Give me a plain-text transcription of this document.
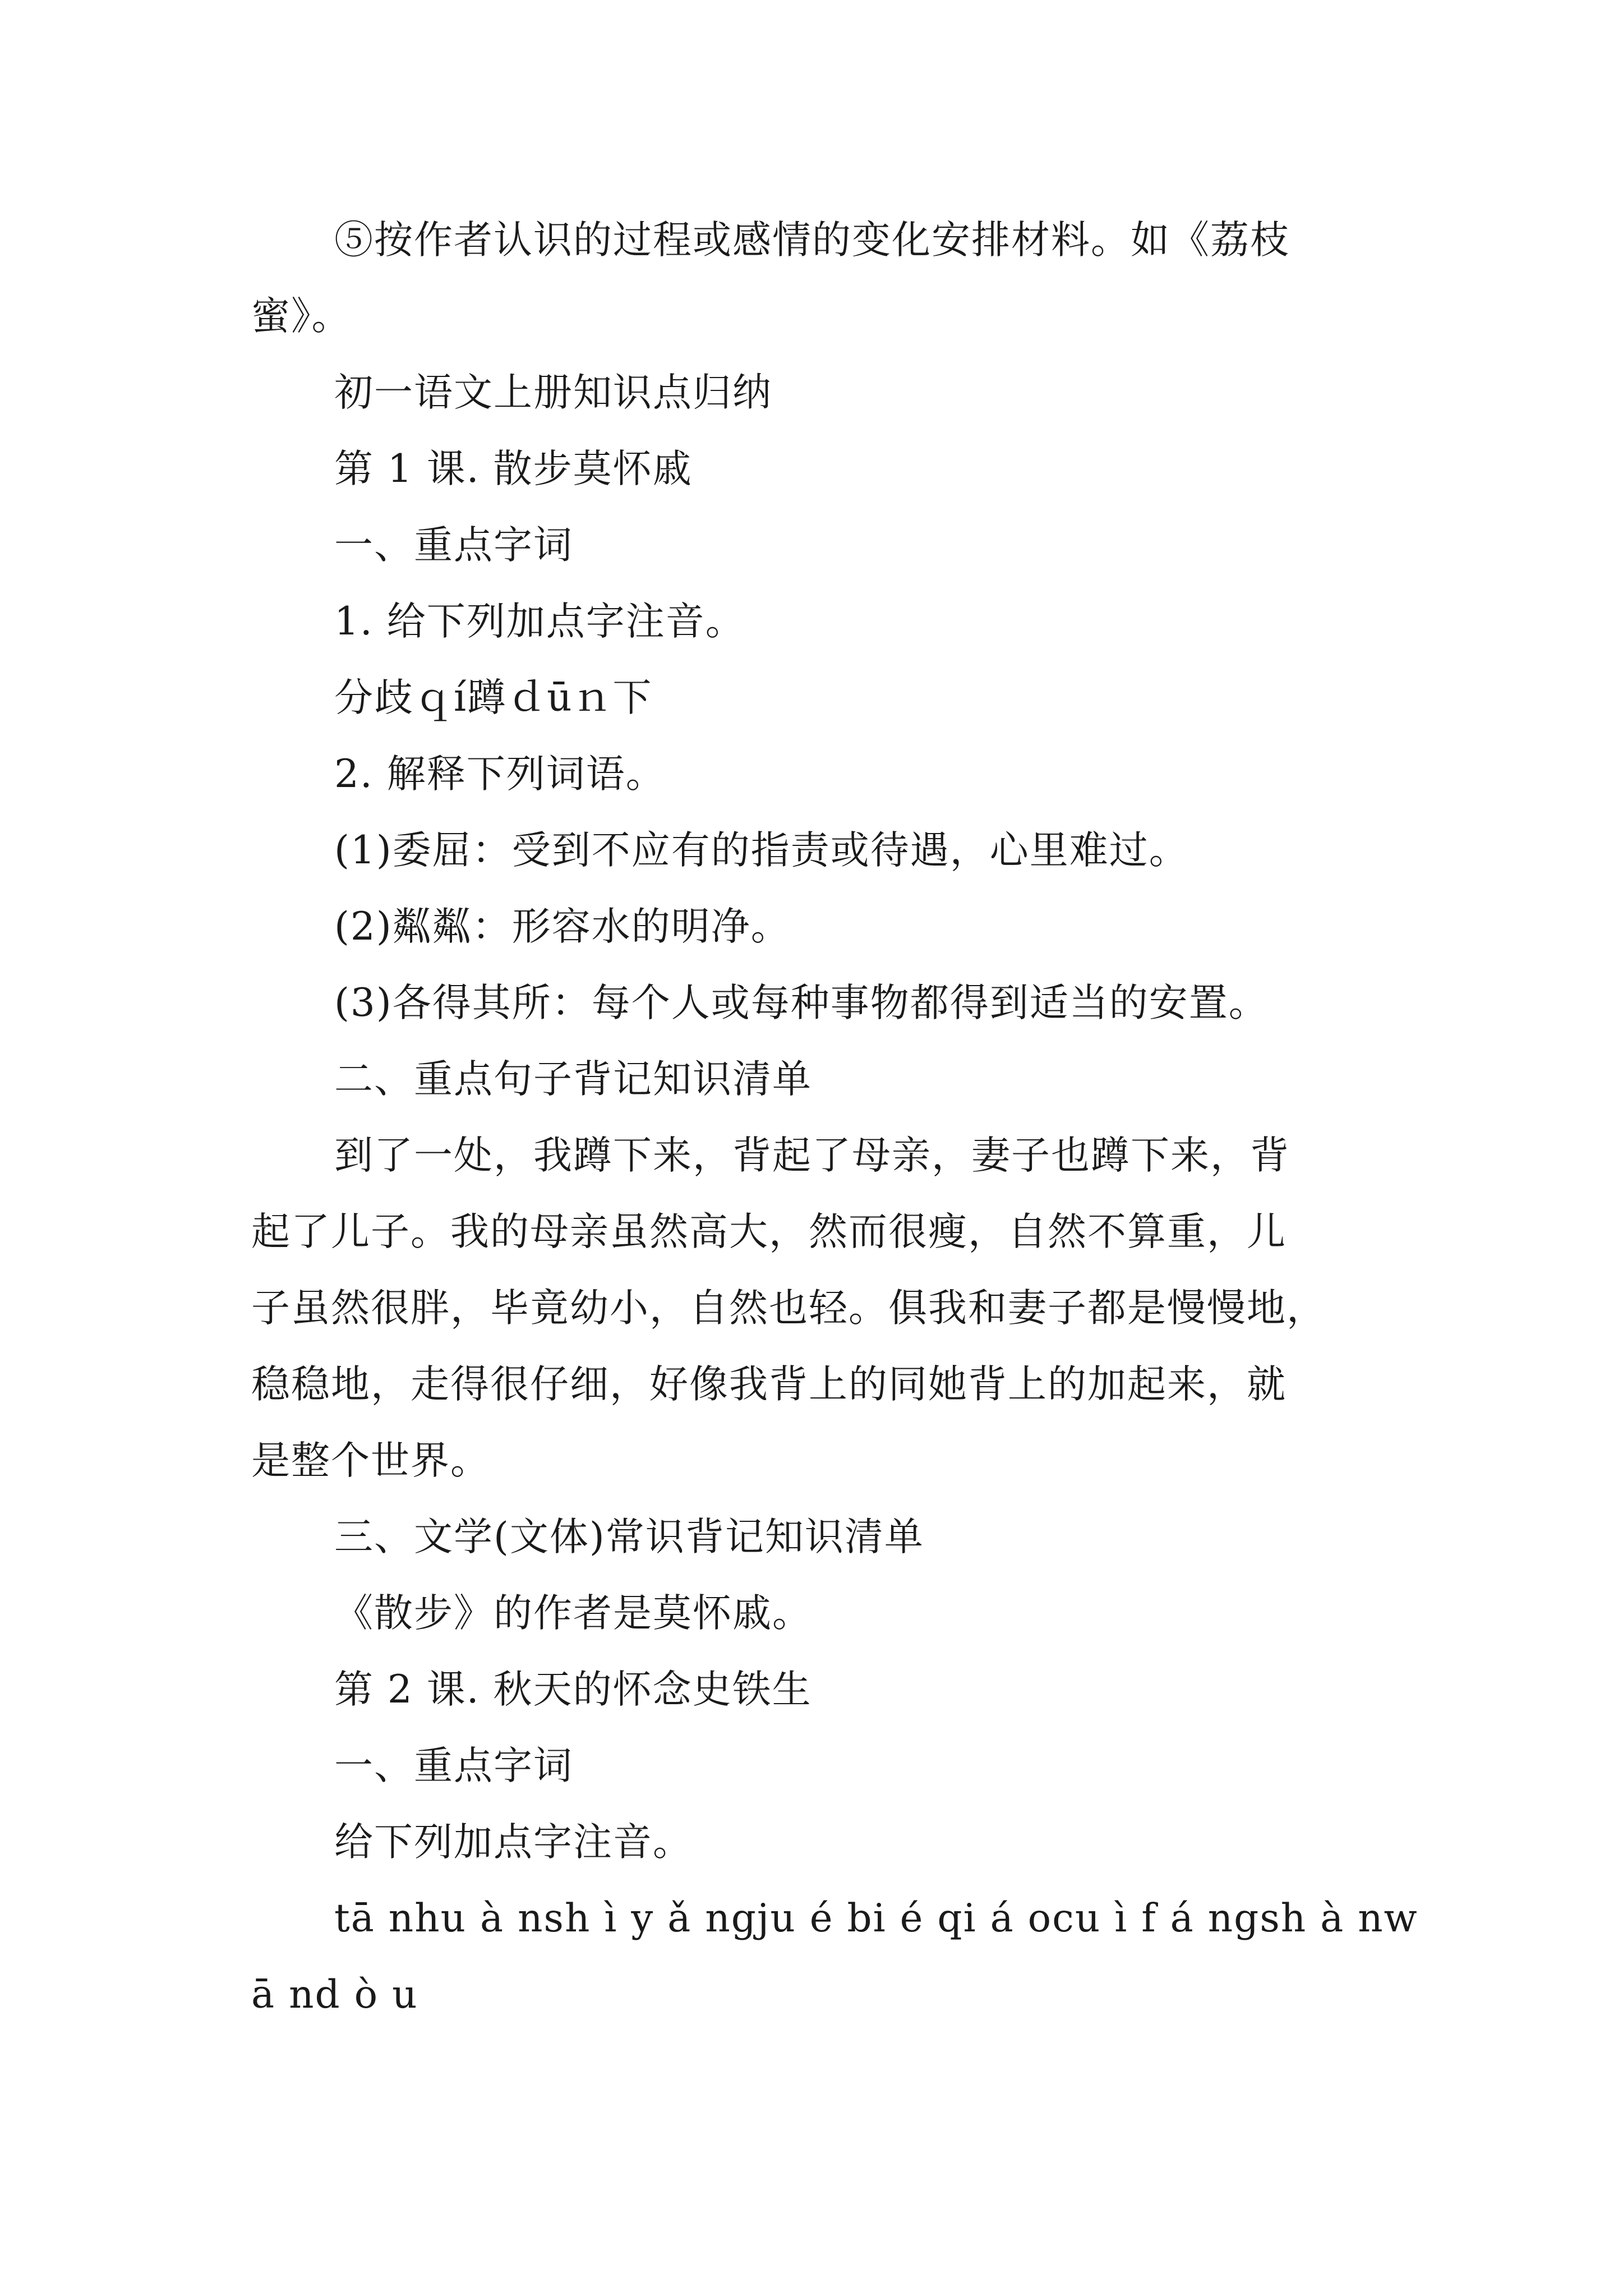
⑤按作者认识的过程或感情的变化安排材料。如《荔枝
蜜》。

初一语文上册知识点归纳

第 1 课. 散步莫怀戚

一、重点字词

1. 给下列加点字注音。

分歧ｑí蹲ｄūｎ下

2. 解释下列词语。

(1)委屈：受到不应有的指责或待遇，心里难过。

(2)粼粼：形容水的明净。

(3)各得其所：每个人或每种事物都得到适当的安置。

二、重点句子背记知识清单

到了一处，我蹲下来，背起了母亲，妻子也蹲下来，背
起了儿子。我的母亲虽然高大，然而很瘦，自然不算重，儿
子虽然很胖，毕竟幼小，自然也轻。俱我和妻子都是慢慢地，
稳稳地，走得很仔细，好像我背上的同她背上的加起来，就
是整个世界。

三、文学(文体)常识背记知识清单

《散步》的作者是莫怀戚。

第 2 课. 秋天的怀念史铁生

一、重点字词

给下列加点字注音。

tā nhu à nsh ì y ǎ ngju é bi é qi á ocu ì f á ngsh à nw
ā nd ò u
